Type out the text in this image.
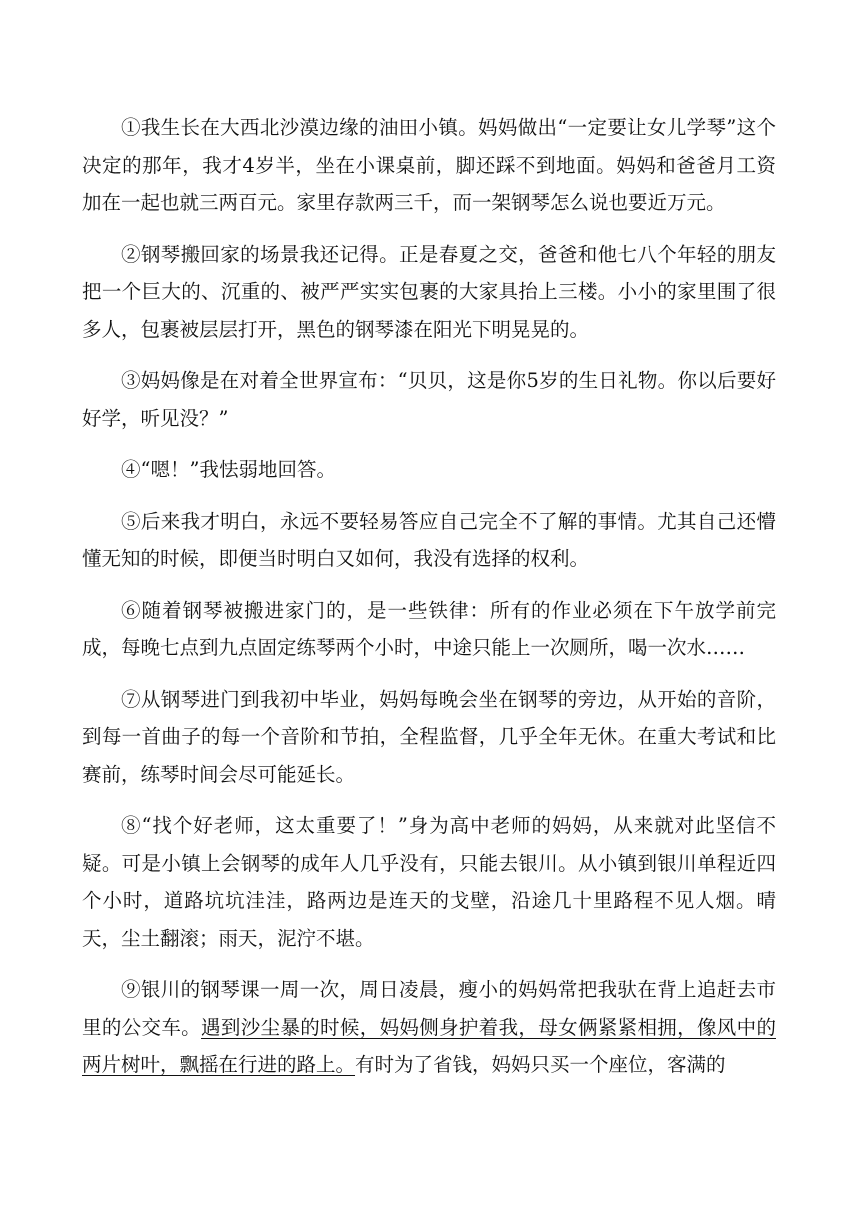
①我生长在大西北沙漠边缘的油田小镇。妈妈做出“一定要让女儿学琴”这个决定的那年，我才4岁半，坐在小课桌前，脚还踩不到地面。妈妈和爸爸月工资加在一起也就三两百元。家里存款两三千，而一架钢琴怎么说也要近万元。

②钢琴搬回家的场景我还记得。正是春夏之交，爸爸和他七八个年轻的朋友把一个巨大的、沉重的、被严严实实包裹的大家具抬上三楼。小小的家里围了很多人，包裹被层层打开，黑色的钢琴漆在阳光下明晃晃的。

③妈妈像是在对着全世界宣布：“贝贝，这是你5岁的生日礼物。你以后要好好学，听见没？”

④“嗯！”我怯弱地回答。

⑤后来我才明白，永远不要轻易答应自己完全不了解的事情。尤其自己还懵懂无知的时候，即便当时明白又如何，我没有选择的权利。

⑥随着钢琴被搬进家门的，是一些铁律：所有的作业必须在下午放学前完成，每晚七点到九点固定练琴两个小时，中途只能上一次厕所，喝一次水……

⑦从钢琴进门到我初中毕业，妈妈每晚会坐在钢琴的旁边，从开始的音阶，到每一首曲子的每一个音阶和节拍，全程监督，几乎全年无休。在重大考试和比赛前，练琴时间会尽可能延长。

⑧“找个好老师，这太重要了！”身为高中老师的妈妈，从来就对此坚信不疑。可是小镇上会钢琴的成年人几乎没有，只能去银川。从小镇到银川单程近四个小时，道路坑坑洼洼，路两边是连天的戈壁，沿途几十里路程不见人烟。晴天，尘土翻滚；雨天，泥泞不堪。

⑨银川的钢琴课一周一次，周日凌晨，瘦小的妈妈常把我驮在背上追赶去市里的公交车。遇到沙尘暴的时候，妈妈侧身护着我，母女俩紧紧相拥，像风中的两片树叶，飘摇在行进的路上。有时为了省钱，妈妈只买一个座位，客满的
